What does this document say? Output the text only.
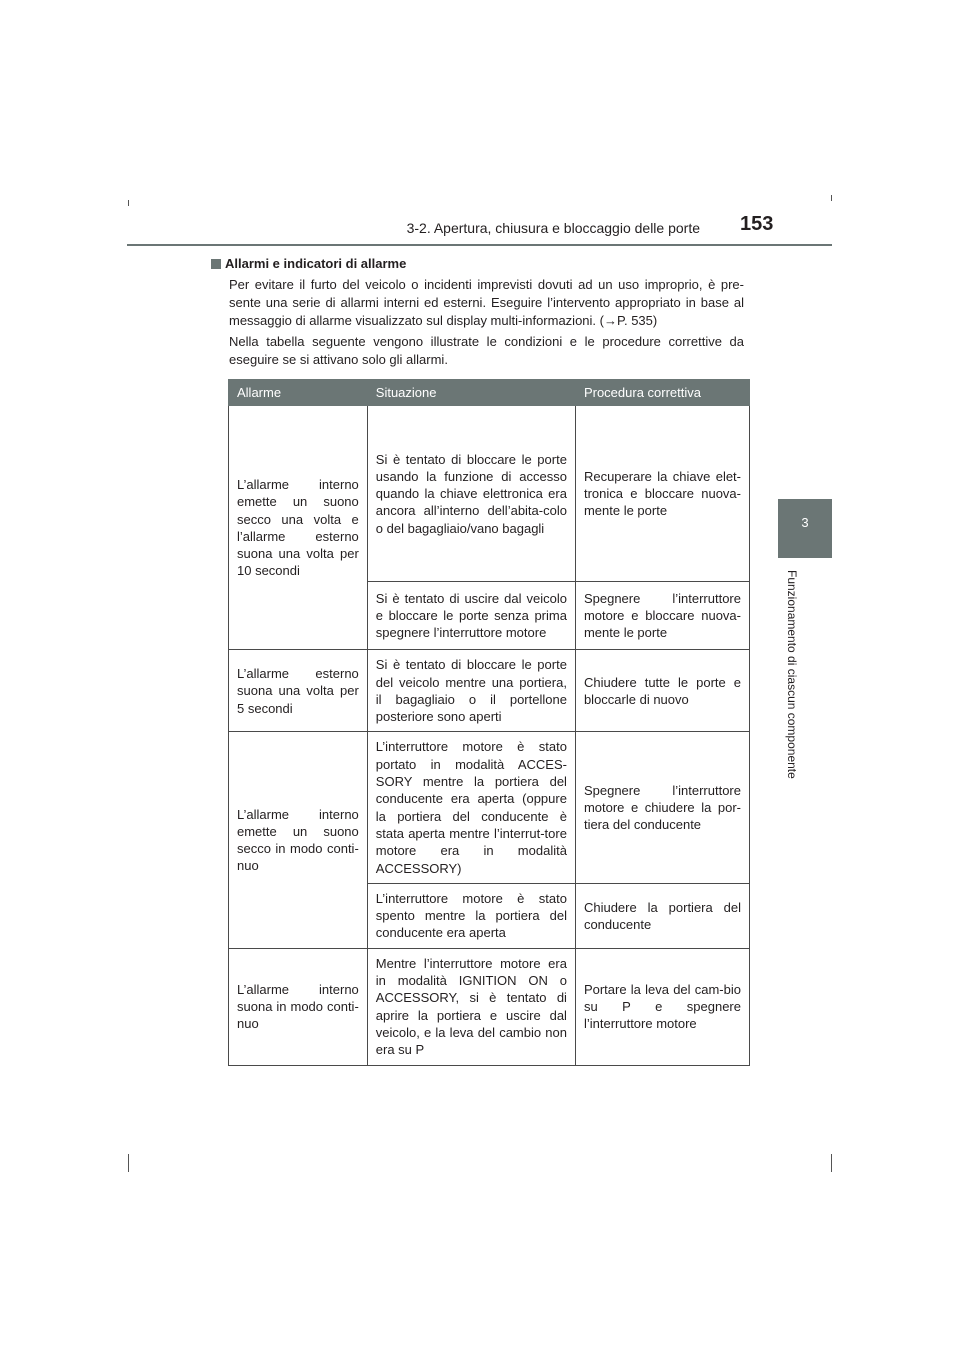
3-2. Apertura, chiusura e bloccaggio delle porte 153
3
Funzionamento di ciascun componente
Allarmi e indicatori di allarme
Per evitare il furto del veicolo o incidenti imprevisti dovuti ad un uso improprio, è pre-sente una serie di allarmi interni ed esterni. Eseguire l’intervento appropriato in base al messaggio di allarme visualizzato sul display multi-informazioni. (→P. 535)
Nella tabella seguente vengono illustrate le condizioni e le procedure correttive da eseguire se si attivano solo gli allarmi.
Allarme	Situazione	Procedura correttiva
L’allarme interno emette un suono secco una volta e l’allarme esterno suona una volta per 10 secondi	Si è tentato di bloccare le porte usando la funzione di accesso quando la chiave elettronica era ancora all’interno dell’abita-colo o del bagagliaio/vano bagagli	Recuperare la chiave elet-tronica e bloccare nuova-mente le porte
	Si è tentato di uscire dal veicolo e bloccare le porte senza prima spegnere l’interruttore motore	Spegnere l’interruttore motore e bloccare nuova-mente le porte
L’allarme esterno suona una volta per 5 secondi	Si è tentato di bloccare le porte del veicolo mentre una portiera, il bagagliaio o il portellone posteriore sono aperti	Chiudere tutte le porte e bloccarle di nuovo
L’allarme interno emette un suono secco in modo conti-nuo	L’interruttore motore è stato portato in modalità ACCES-SORY mentre la portiera del conducente era aperta (oppure la portiera del conducente è stata aperta mentre l’interrut-tore motore era in modalità ACCESSORY)	Spegnere l’interruttore motore e chiudere la por-tiera del conducente
	L’interruttore motore è stato spento mentre la portiera del conducente era aperta	Chiudere la portiera del conducente
L’allarme interno suona in modo conti-nuo	Mentre l’interruttore motore era in modalità IGNITION ON o ACCESSORY, si è tentato di aprire la portiera e uscire dal veicolo, e la leva del cambio non era su P	Portare la leva del cam-bio su P e spegnere l’interruttore motore
